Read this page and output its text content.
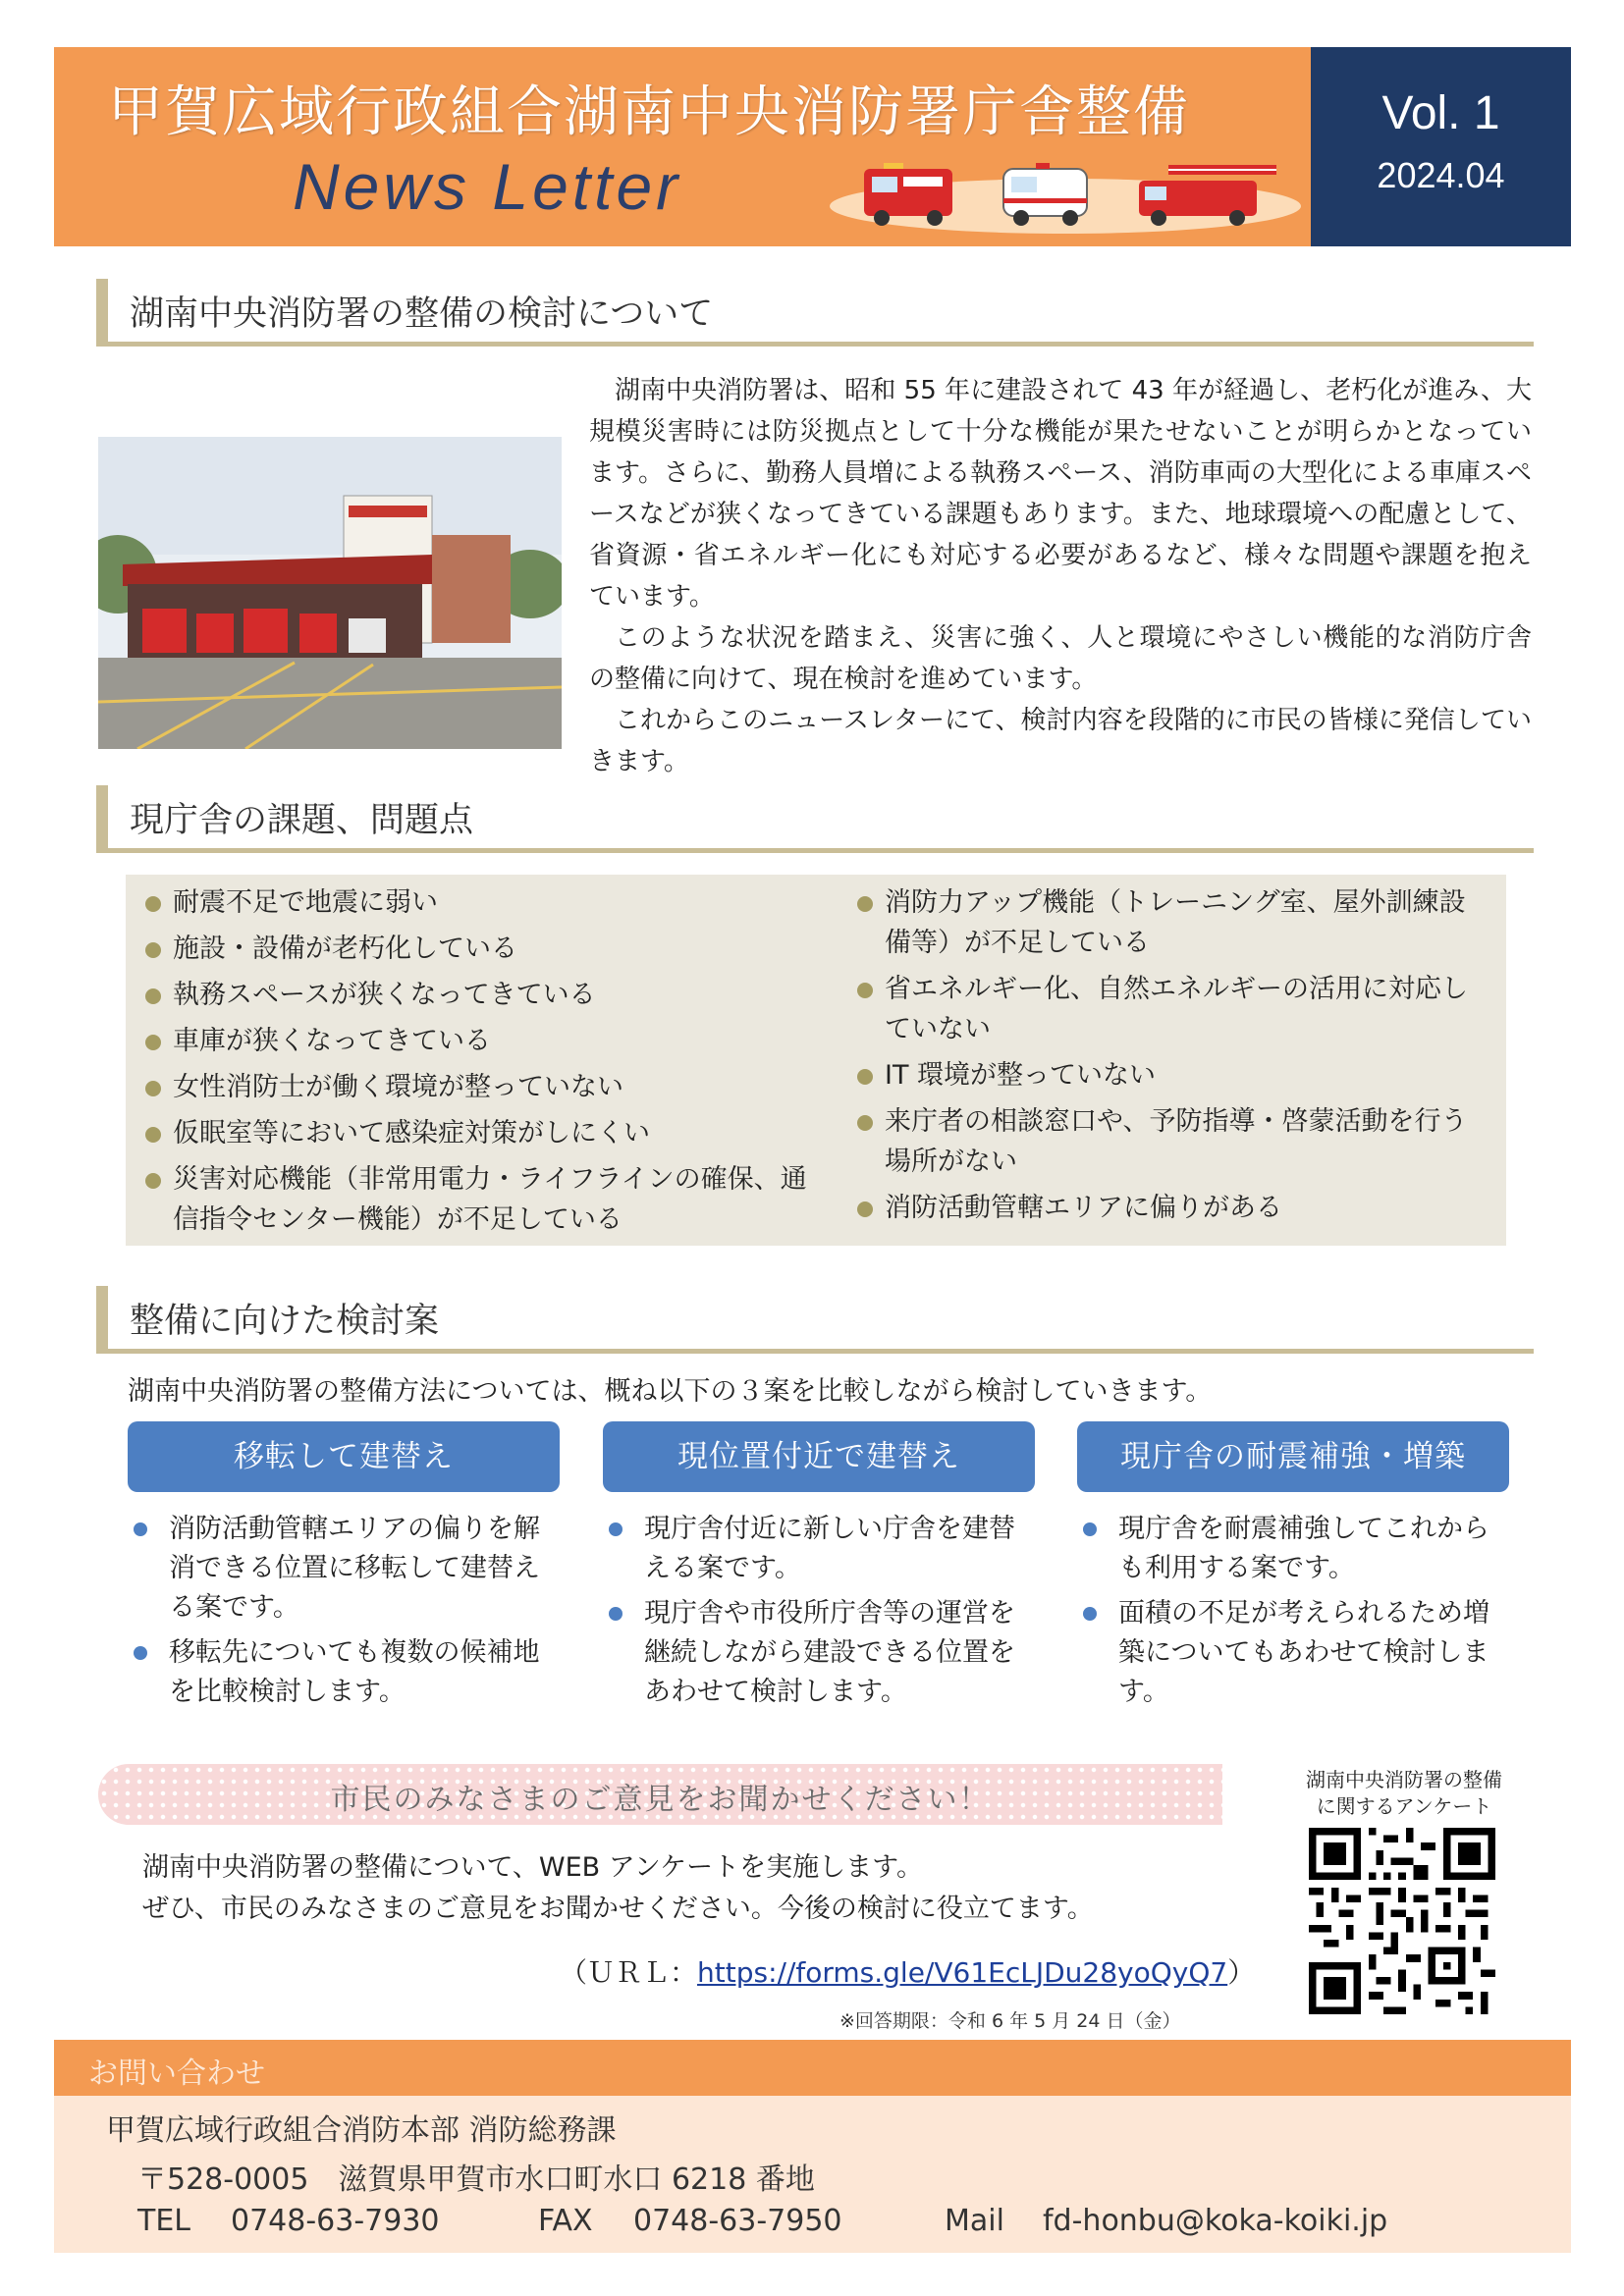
甲賀広域行政組合湖南中央消防署庁舎整備
News Letter
Vol. 1
2024.04
湖南中央消防署の整備の検討について

湖南中央消防署は、昭和 55 年に建設されて 43 年が経過し、老朽化が進み、大規模災害時には防災拠点として十分な機能が果たせないことが明らかとなっています。さらに、勤務人員増による執務スペース、消防車両の大型化による車庫スペースなどが狭くなってきている課題もあります。また、地球環境への配慮として、省資源・省エネルギー化にも対応する必要があるなど、様々な問題や課題を抱えています。

このような状況を踏まえ、災害に強く、人と環境にやさしい機能的な消防庁舎の整備に向けて、現在検討を進めています。

これからこのニュースレターにて、検討内容を段階的に市民の皆様に発信していきます。

現庁舎の課題、問題点
耐震不足で地震に弱い
施設・設備が老朽化している
執務スペースが狭くなってきている
車庫が狭くなってきている
女性消防士が働く環境が整っていない
仮眠室等において感染症対策がしにくい
災害対応機能（非常用電力・ライフラインの確保、通信指令センター機能）が不足している
消防力アップ機能（トレーニング室、屋外訓練設備等）が不足している
省エネルギー化、自然エネルギーの活用に対応していない
IT 環境が整っていない
来庁者の相談窓口や、予防指導・啓蒙活動を行う場所がない
消防活動管轄エリアに偏りがある
整備に向けた検討案
湖南中央消防署の整備方法については、概ね以下の３案を比較しながら検討していきます。
移転して建替え
消防活動管轄エリアの偏りを解消できる位置に移転して建替える案です。
移転先についても複数の候補地を比較検討します。
現位置付近で建替え
現庁舎付近に新しい庁舎を建替える案です。
現庁舎や市役所庁舎等の運営を継続しながら建設できる位置をあわせて検討します。
現庁舎の耐震補強・増築
現庁舎を耐震補強してこれからも利用する案です。
面積の不足が考えられるため増築についてもあわせて検討します。
市民のみなさまのご意見をお聞かせください！
湖南中央消防署の整備について、WEB アンケートを実施します。
ぜひ、市民のみなさまのご意見をお聞かせください。今後の検討に役立てます。
（ＵＲＬ：https://forms.gle/V61EcLJDu28yoQyQ7）
※回答期限：令和 6 年 5 月 24 日（金）
湖南中央消防署の整備
に関するアンケート
お問い合わせ
甲賀広域行政組合消防本部 消防総務課
〒528-0005　滋賀県甲賀市水口町水口 6218 番地
TEL 0748-63-7930	FAX 0748-63-7950	Mail fd-honbu@koka-koiki.jp
